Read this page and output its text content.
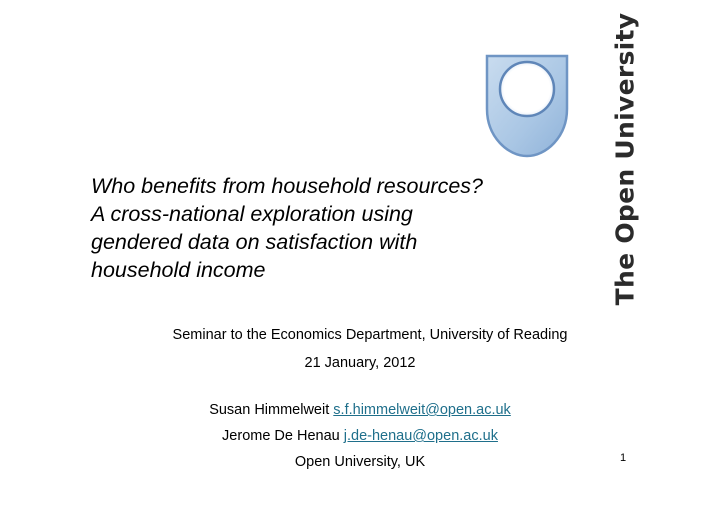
The Open University
Who benefits from household resources?
A cross-national exploration using
gendered data on satisfaction with
household income
Seminar to the Economics Department, University of Reading
21 January, 2012
Susan Himmelweit s.f.himmelweit@open.ac.uk
Jerome De Henau j.de-henau@open.ac.uk
Open University, UK	1
